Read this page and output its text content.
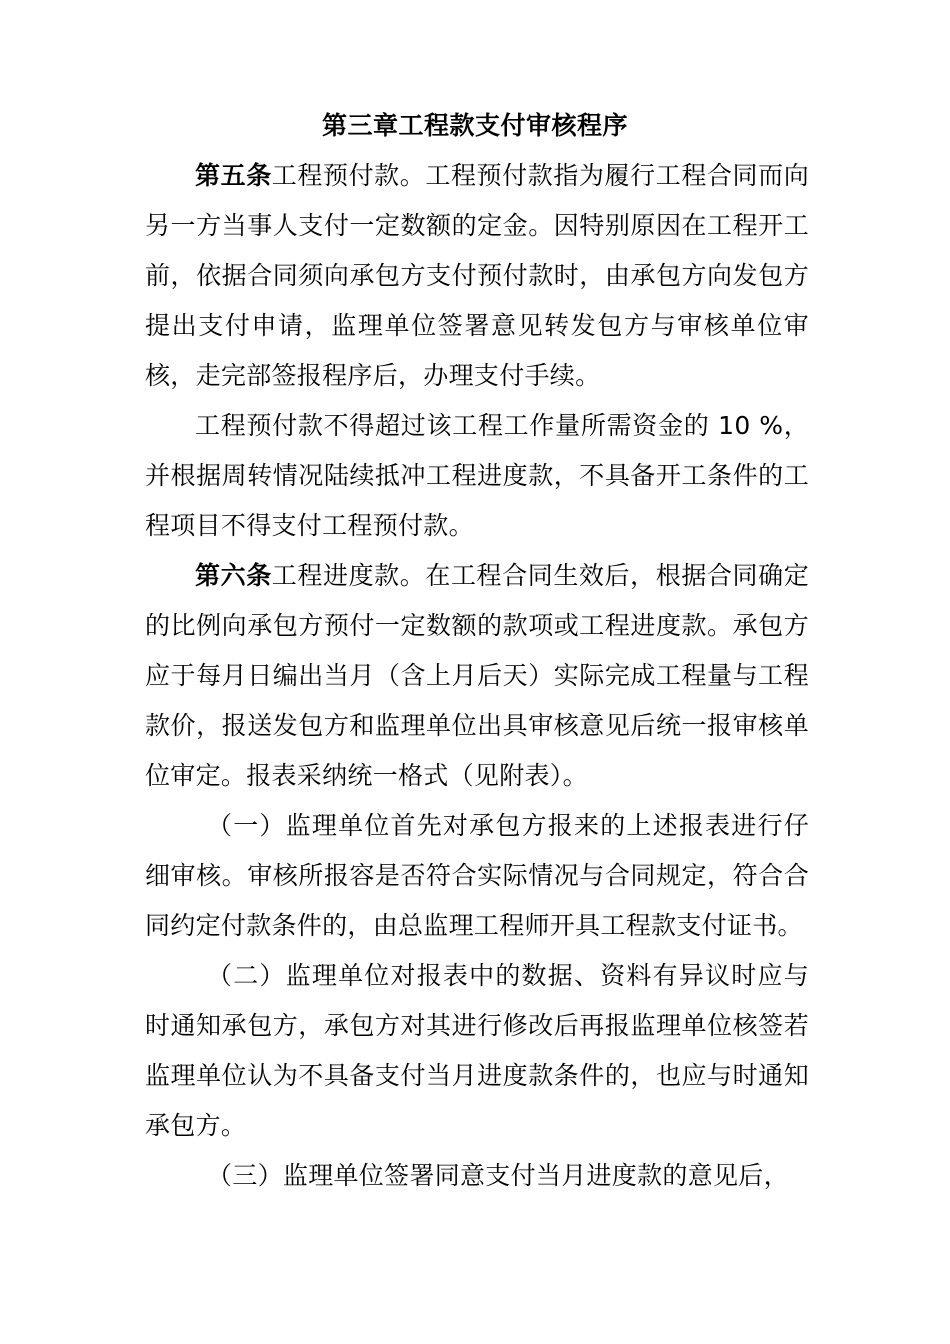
第三章工程款支付审核程序

第五条工程预付款。工程预付款指为履行工程合同而向另一方当事人支付一定数额的定金。因特别原因在工程开工前，依据合同须向承包方支付预付款时，由承包方向发包方提出支付申请，监理单位签署意见转发包方与审核单位审核，走完部签报程序后，办理支付手续。

工程预付款不得超过该工程工作量所需资金的 10 %，并根据周转情况陆续抵冲工程进度款，不具备开工条件的工程项目不得支付工程预付款。

第六条工程进度款。在工程合同生效后，根据合同确定的比例向承包方预付一定数额的款项或工程进度款。承包方应于每月日编出当月（含上月后天）实际完成工程量与工程款价，报送发包方和监理单位出具审核意见后统一报审核单位审定。报表采纳统一格式（见附表）。

（一）监理单位首先对承包方报来的上述报表进行仔细审核。审核所报容是否符合实际情况与合同规定，符合合同约定付款条件的，由总监理工程师开具工程款支付证书。

（二）监理单位对报表中的数据、资料有异议时应与时通知承包方，承包方对其进行修改后再报监理单位核签若监理单位认为不具备支付当月进度款条件的，也应与时通知承包方。

（三）监理单位签署同意支付当月进度款的意见后，
